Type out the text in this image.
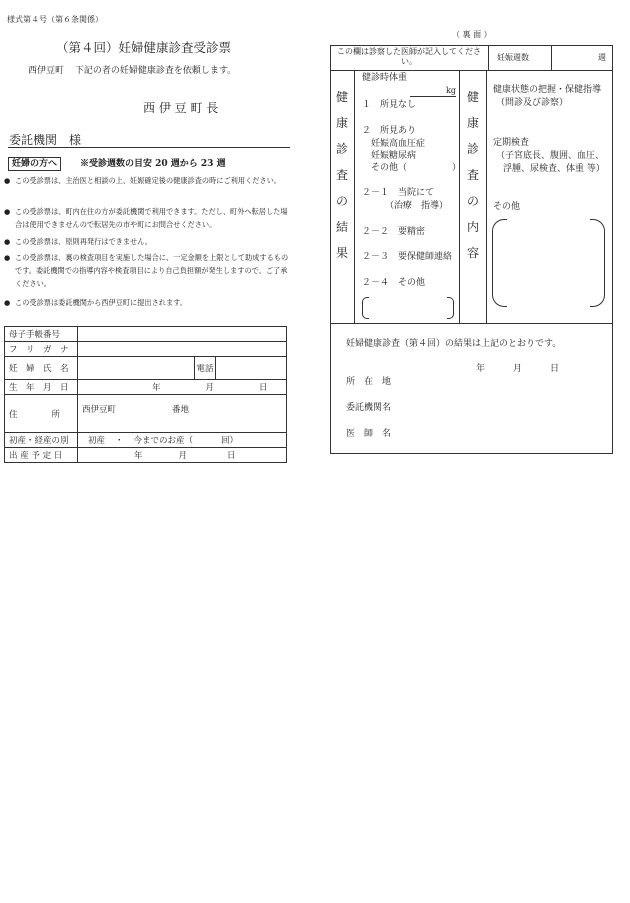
様式第４号（第６条関係）
（第４回）妊婦健康診査受診票
西伊豆町 下記の者の妊婦健康診査を依頼します。
西 伊 豆 町 長
委託機関　様
妊婦の方へ	※受診週数の目安 20 週から 23 週
● この受診票は、主治医と相談の上、妊娠確定後の健康診査の時にご利用ください。
● この受診票は、町内在住の方が委託機関で利用できます。ただし、町外へ転居した場合は使用できませんので転居先の市や町にお問合せください。
● この受診票は、原則再発行はできません。
● この受診票は、裏の検査項目を実施した場合に、一定金額を上限として助成するものです。委託機関での指導内容や検査項目により自己負担額が発生しますので、ご了承ください。
● この受診票は委託機関から西伊豆町に提出されます。
母子手帳番号			
フ　リ　ガ　ナ			
妊　婦　氏　名		電話	
生　年　月　日	年 月 日		
住　　　　所	西伊豆町 番地		
初産・経産の別	初産 ・ 今までのお産（ 回）		
出 産 予 定 日	年 月 日		
（ 裏 面 ）
この欄は診察した医師が記入してください。	妊娠週数	週
健
康
診
査
の
結
果
健
康
診
査
の
内
容
健診時体重
kg
１　所見なし
２　所見あり
妊娠高血圧症
妊娠糖尿病
その他（　　　　　）
２－１　当院にて
（治療　指導）
２－２　要精密
２－３　要保健師連絡
２－４　その他
健康状態の把握・保健指導
（問診及び診察）
定期検査
（子宮底長、腹囲、血圧、
浮腫、尿検査、体重 等）
その他
妊婦健康診査（第４回）の結果は上記のとおりです。
年	月	日
所　在　地
委託機関名
医　師　名
